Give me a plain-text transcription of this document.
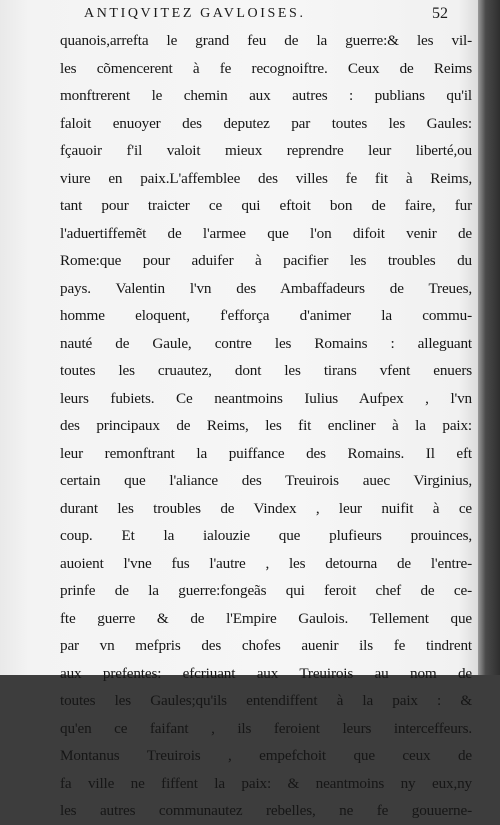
ANTIQVITEZ GAVLOISES.	52
quanois,arrefta le grand feu de la guerre:& les vil-
les cõmencerent à fe recognoiftre. Ceux de Reims
monftrerent le chemin aux autres : publians qu'il
faloit enuoyer des deputez par toutes les Gaules:
fçauoir f'il valoit mieux reprendre leur liberté,ou
viure en paix.L'affemblee des villes fe fit à Reims,
tant pour traicter ce qui eftoit bon de faire, fur
l'aduertiffemẽt de l'armee que l'on difoit venir de
Rome:que pour aduifer à pacifier les troubles du
pays. Valentin l'vn des Ambaffadeurs de Treues,
homme eloquent, f'efforça d'animer la commu-
nauté de Gaule, contre les Romains : alleguant
toutes les cruautez, dont les tirans vfent enuers
leurs fubiets. Ce neantmoins Iulius Aufpex , l'vn
des principaux de Reims, les fit encliner à la paix:
leur remonftrant la puiffance des Romains. Il eft
certain que l'aliance des Treuirois auec Virginius,
durant les troubles de Vindex , leur nuifit à ce
coup. Et la ialouzie que plufieurs prouinces,
auoient l'vne fus l'autre , les detourna de l'entre-
prinfe de la guerre:fongeãs qui feroit chef de ce-
fte guerre & de l'Empire Gaulois. Tellement que
par vn mefpris des chofes auenir ils fe tindrent
aux prefentes: efcriuant aux Treuirois au nom de
toutes les Gaules;qu'ils entendiffent à la paix : &
qu'en ce faifant , ils feroient leurs interceffeurs.
Montanus Treuirois , empefchoit que ceux de
fa ville ne fiffent la paix: & neantmoins ny eux,ny
les autres communautez rebelles, ne fe gouuerne-
